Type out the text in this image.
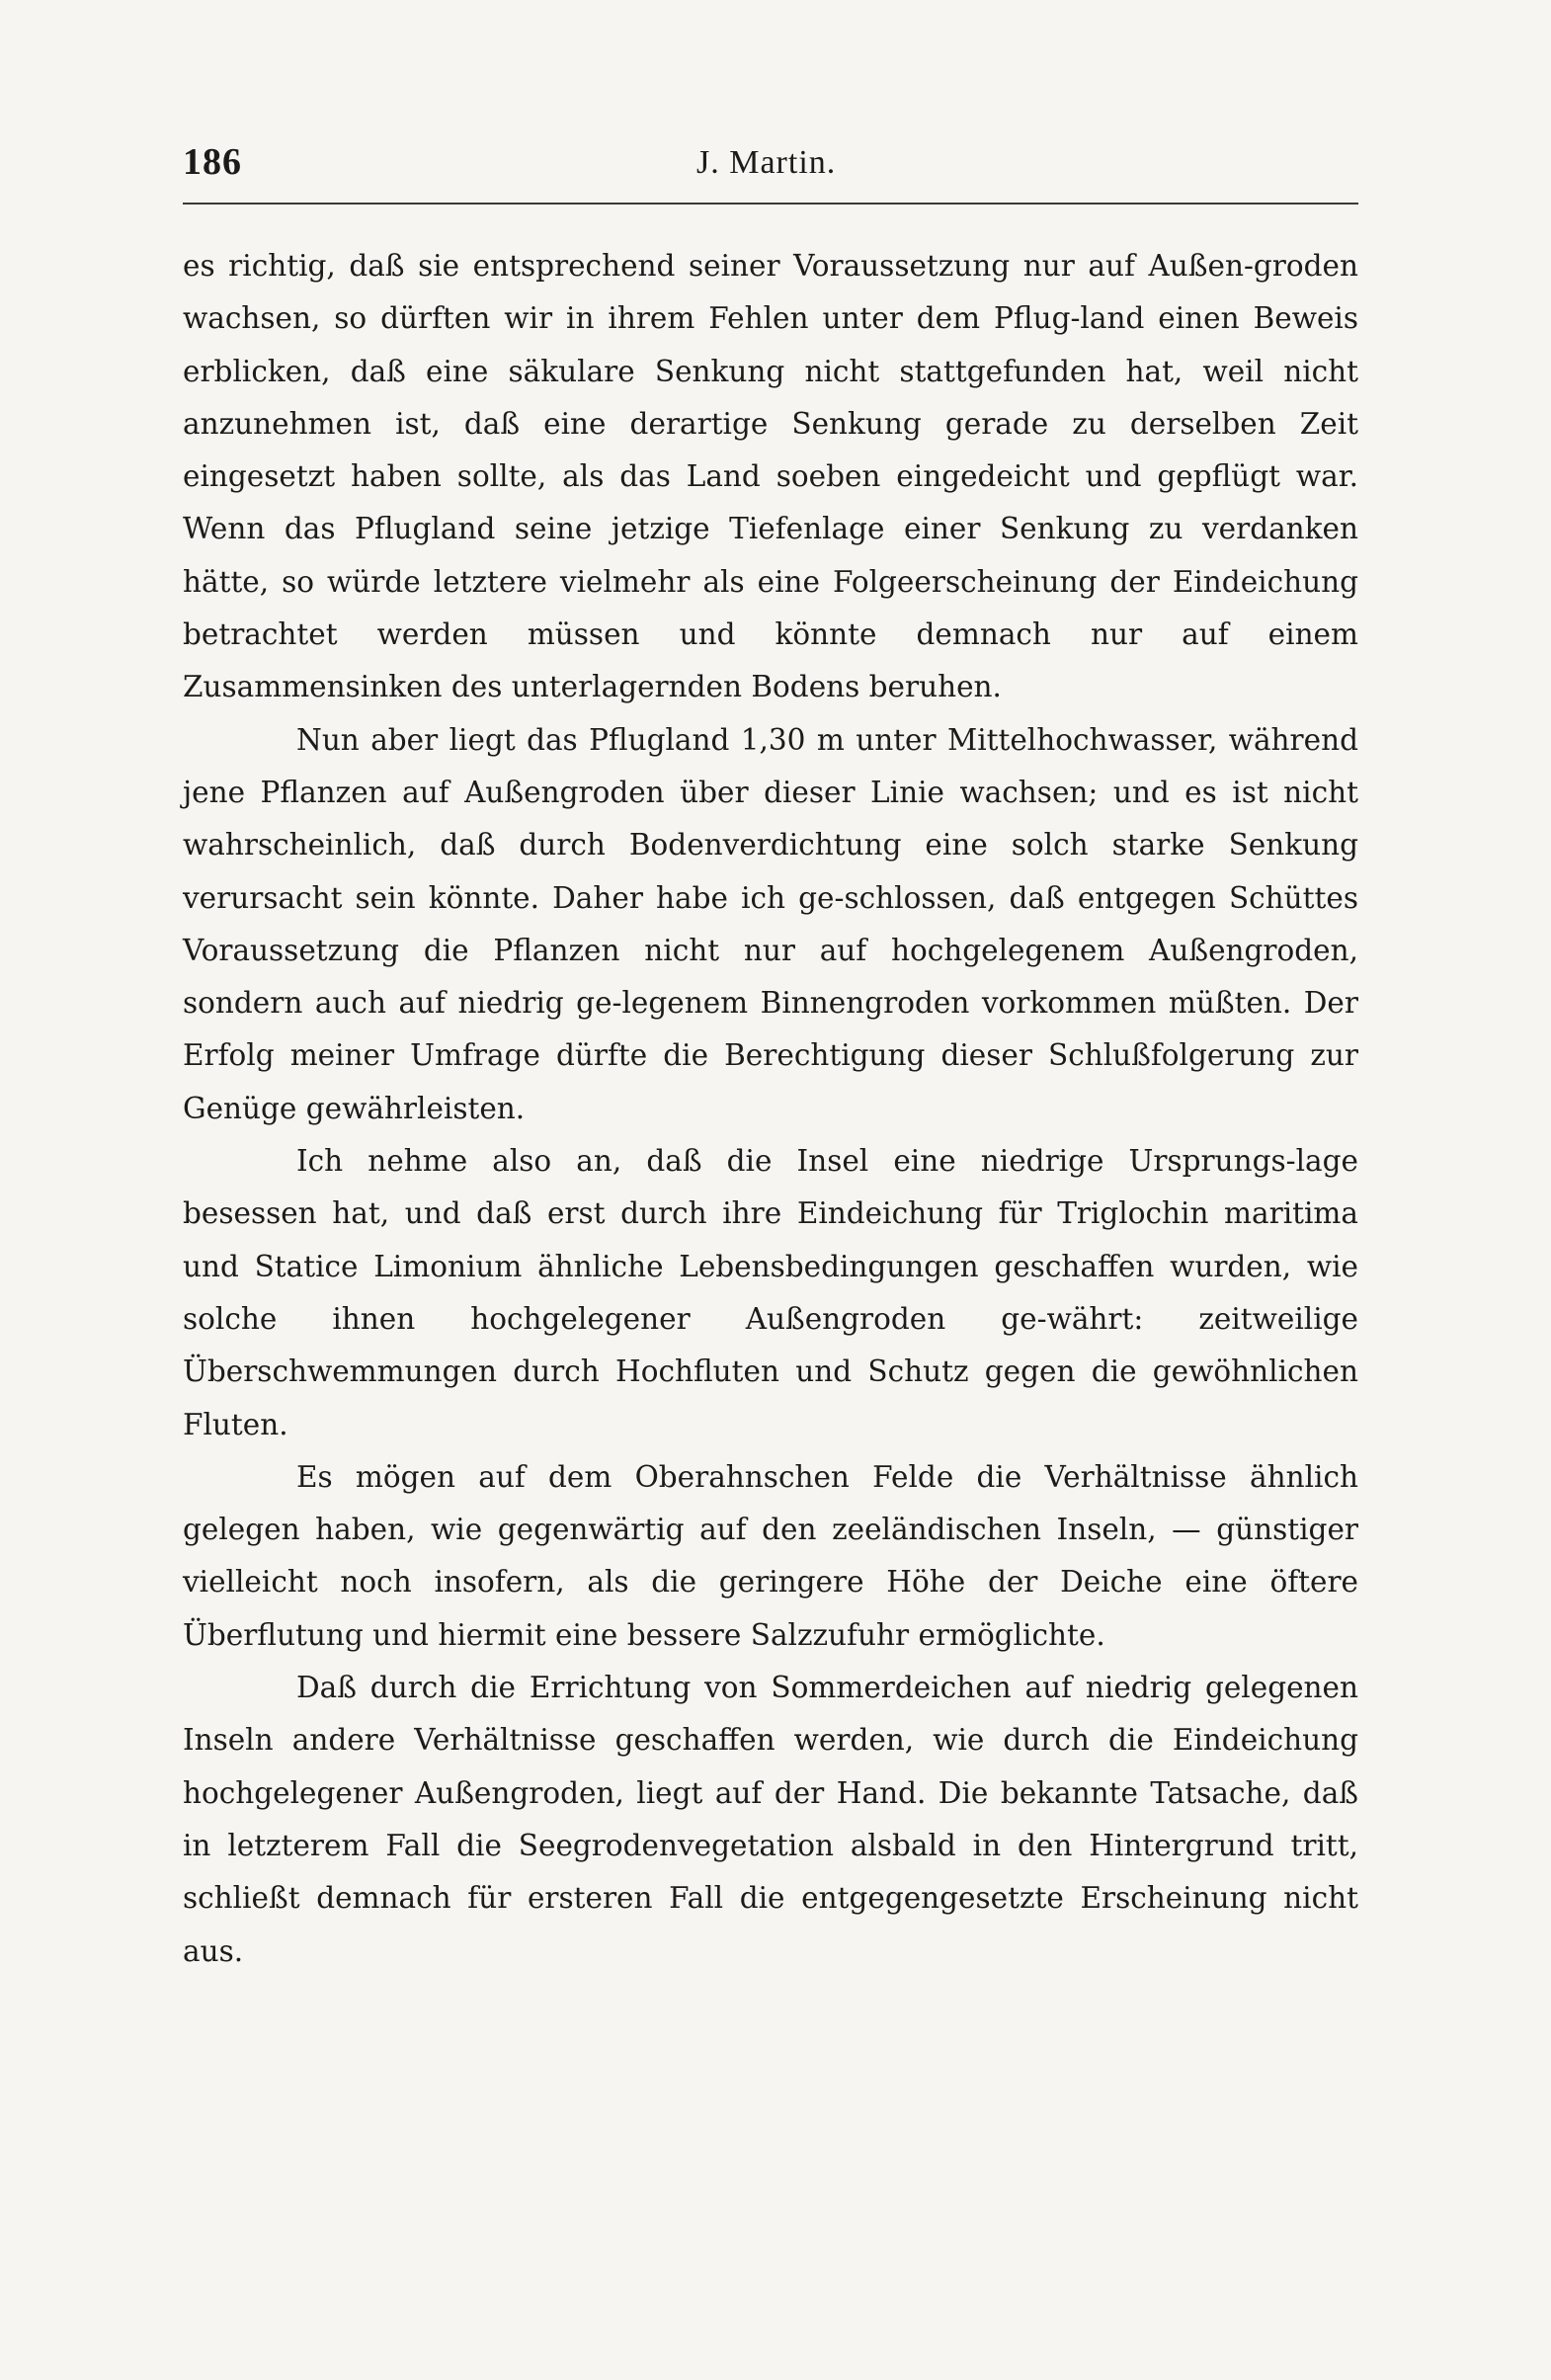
186	J. Martin.

es richtig, daß sie entsprechend seiner Voraussetzung nur auf Außen-groden wachsen, so dürften wir in ihrem Fehlen unter dem Pflug-land einen Beweis erblicken, daß eine säkulare Senkung nicht stattgefunden hat, weil nicht anzunehmen ist, daß eine derartige Senkung gerade zu derselben Zeit eingesetzt haben sollte, als das Land soeben eingedeicht und gepflügt war. Wenn das Pflugland seine jetzige Tiefenlage einer Senkung zu verdanken hätte, so würde letztere vielmehr als eine Folgeerscheinung der Eindeichung betrachtet werden müssen und könnte demnach nur auf einem Zusammensinken des unterlagernden Bodens beruhen.

Nun aber liegt das Pflugland 1,30 m unter Mittelhochwasser, während jene Pflanzen auf Außengroden über dieser Linie wachsen; und es ist nicht wahrscheinlich, daß durch Bodenverdichtung eine solch starke Senkung verursacht sein könnte. Daher habe ich ge-schlossen, daß entgegen Schüttes Voraussetzung die Pflanzen nicht nur auf hochgelegenem Außengroden, sondern auch auf niedrig ge-legenem Binnengroden vorkommen müßten. Der Erfolg meiner Umfrage dürfte die Berechtigung dieser Schlußfolgerung zur Genüge gewährleisten.

Ich nehme also an, daß die Insel eine niedrige Ursprungs-lage besessen hat, und daß erst durch ihre Eindeichung für Triglochin maritima und Statice Limonium ähnliche Lebensbedingungen geschaffen wurden, wie solche ihnen hochgelegener Außengroden ge-währt: zeitweilige Überschwemmungen durch Hochfluten und Schutz gegen die gewöhnlichen Fluten.

Es mögen auf dem Oberahnschen Felde die Verhältnisse ähnlich gelegen haben, wie gegenwärtig auf den zeeländischen Inseln, — günstiger vielleicht noch insofern, als die geringere Höhe der Deiche eine öftere Überflutung und hiermit eine bessere Salzzufuhr ermöglichte.

Daß durch die Errichtung von Sommerdeichen auf niedrig gelegenen Inseln andere Verhältnisse geschaffen werden, wie durch die Eindeichung hochgelegener Außengroden, liegt auf der Hand. Die bekannte Tatsache, daß in letzterem Fall die Seegrodenvegetation alsbald in den Hintergrund tritt, schließt demnach für ersteren Fall die entgegengesetzte Erscheinung nicht aus.
